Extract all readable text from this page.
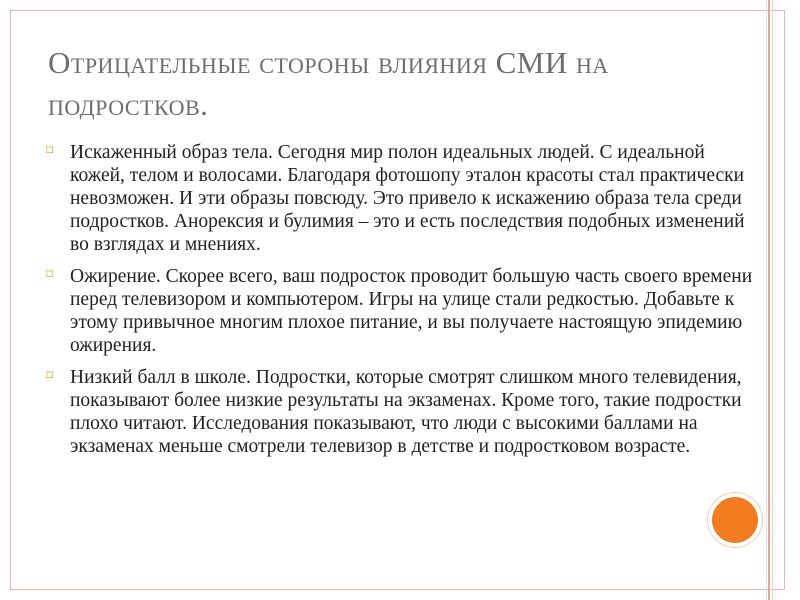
Отрицательные стороны влияния СМИ на подростков.
⌑ Искаженный образ тела. Сегодня мир полон идеальных людей. С идеальной кожей, телом и волосами. Благодаря фотошопу эталон красоты стал практически невозможен. И эти образы повсюду. Это привело к искажению образа тела среди подростков. Анорексия и булимия – это и есть последствия подобных изменений во взглядах и мнениях.
⌑ Ожирение. Скорее всего, ваш подросток проводит большую часть своего времени перед телевизором и компьютером. Игры на улице стали редкостью. Добавьте к этому привычное многим плохое питание, и вы получаете настоящую эпидемию ожирения.
⌑ Низкий балл в школе. Подростки, которые смотрят слишком много телевидения, показывают более низкие результаты на экзаменах. Кроме того, такие подростки плохо читают. Исследования показывают, что люди с высокими баллами на экзаменах меньше смотрели телевизор в детстве и подростковом возрасте.
